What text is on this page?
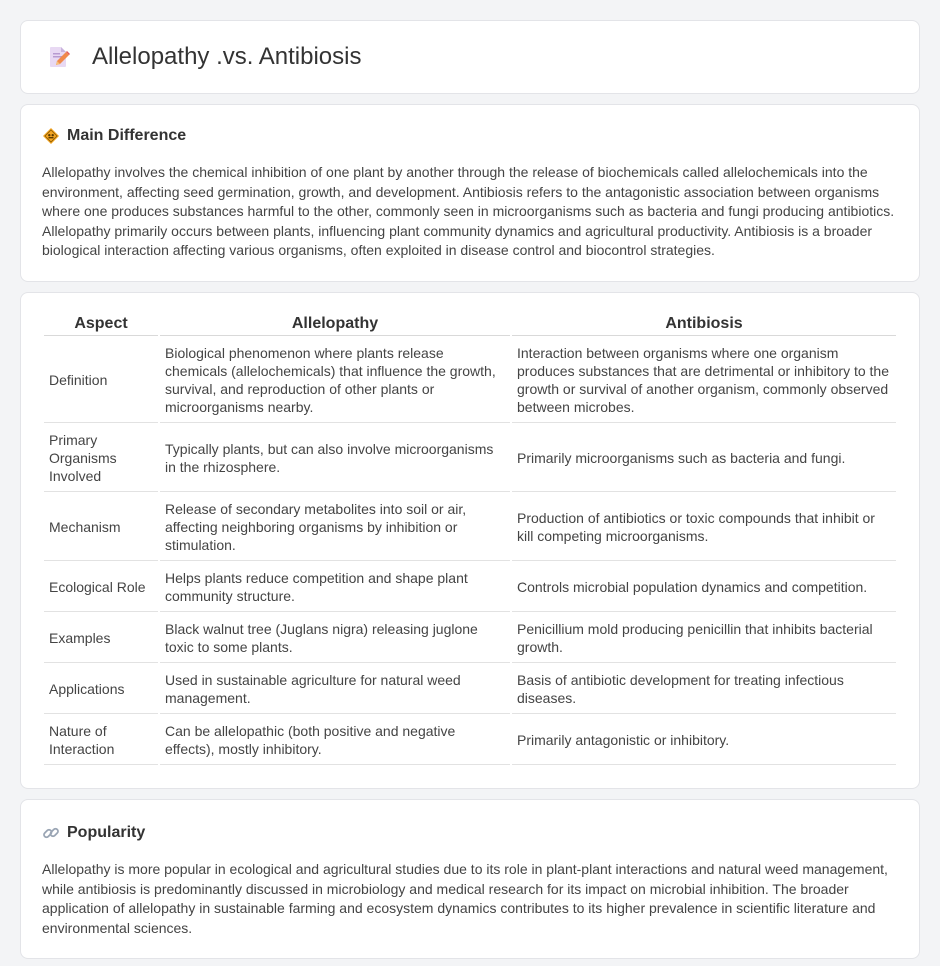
Allelopathy .vs. Antibiosis
Main Difference

Allelopathy involves the chemical inhibition of one plant by another through the release of biochemicals called allelochemicals into the environment, affecting seed germination, growth, and development. Antibiosis refers to the antagonistic association between organisms where one produces substances harmful to the other, commonly seen in microorganisms such as bacteria and fungi producing antibiotics. Allelopathy primarily occurs between plants, influencing plant community dynamics and agricultural productivity. Antibiosis is a broader biological interaction affecting various organisms, often exploited in disease control and biocontrol strategies.

Aspect	Allelopathy	Antibiosis
Definition	Biological phenomenon where plants release chemicals (allelochemicals) that influence the growth, survival, and reproduction of other plants or microorganisms nearby.	Interaction between organisms where one organism produces substances that are detrimental or inhibitory to the growth or survival of another organism, commonly observed between microbes.
Primary Organisms Involved	Typically plants, but can also involve microorganisms in the rhizosphere.	Primarily microorganisms such as bacteria and fungi.
Mechanism	Release of secondary metabolites into soil or air, affecting neighboring organisms by inhibition or stimulation.	Production of antibiotics or toxic compounds that inhibit or kill competing microorganisms.
Ecological Role	Helps plants reduce competition and shape plant community structure.	Controls microbial population dynamics and competition.
Examples	Black walnut tree (Juglans nigra) releasing juglone toxic to some plants.	Penicillium mold producing penicillin that inhibits bacterial growth.
Applications	Used in sustainable agriculture for natural weed management.	Basis of antibiotic development for treating infectious diseases.
Nature of Interaction	Can be allelopathic (both positive and negative effects), mostly inhibitory.	Primarily antagonistic or inhibitory.
Popularity

Allelopathy is more popular in ecological and agricultural studies due to its role in plant-plant interactions and natural weed management, while antibiosis is predominantly discussed in microbiology and medical research for its impact on microbial inhibition. The broader application of allelopathy in sustainable farming and ecosystem dynamics contributes to its higher prevalence in scientific literature and environmental sciences.
